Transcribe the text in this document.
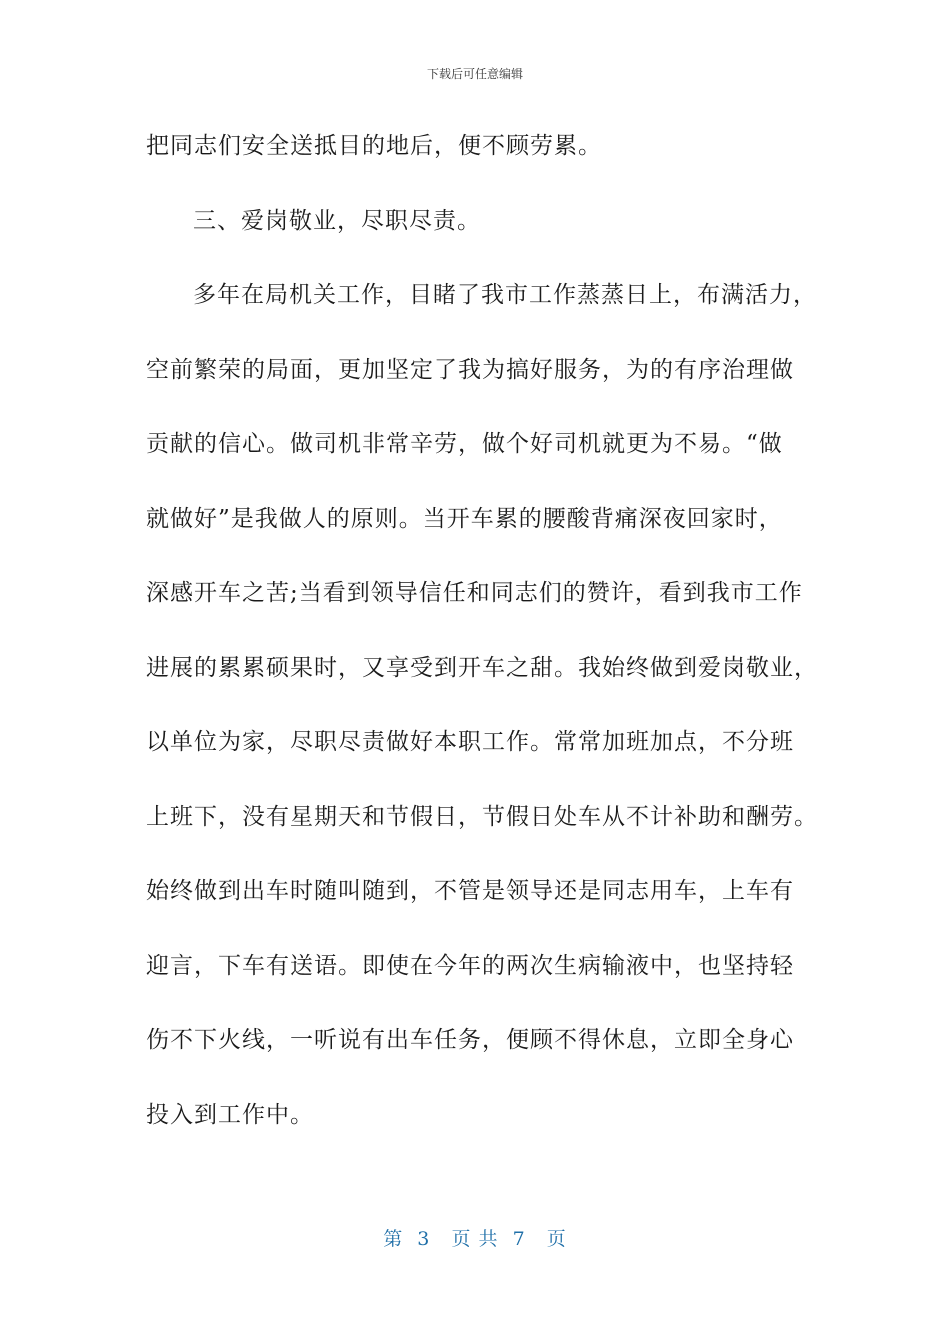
下载后可任意编辑
把同志们安全送抵目的地后，便不顾劳累。
三、爱岗敬业，尽职尽责。
多年在局机关工作，目睹了我市工作蒸蒸日上，布满活力，
空前繁荣的局面，更加坚定了我为搞好服务，为的有序治理做
贡献的信心。做司机非常辛劳，做个好司机就更为不易。“做
就做好”是我做人的原则。当开车累的腰酸背痛深夜回家时，
深感开车之苦;当看到领导信任和同志们的赞许，看到我市工作
进展的累累硕果时，又享受到开车之甜。我始终做到爱岗敬业，
以单位为家，尽职尽责做好本职工作。常常加班加点，不分班
上班下，没有星期天和节假日，节假日处车从不计补助和酬劳。
始终做到出车时随叫随到，不管是领导还是同志用车，上车有
迎言，下车有送语。即使在今年的两次生病输液中，也坚持轻
伤不下火线，一听说有出车任务，便顾不得休息，立即全身心
投入到工作中。
第  3   页 共  7   页
